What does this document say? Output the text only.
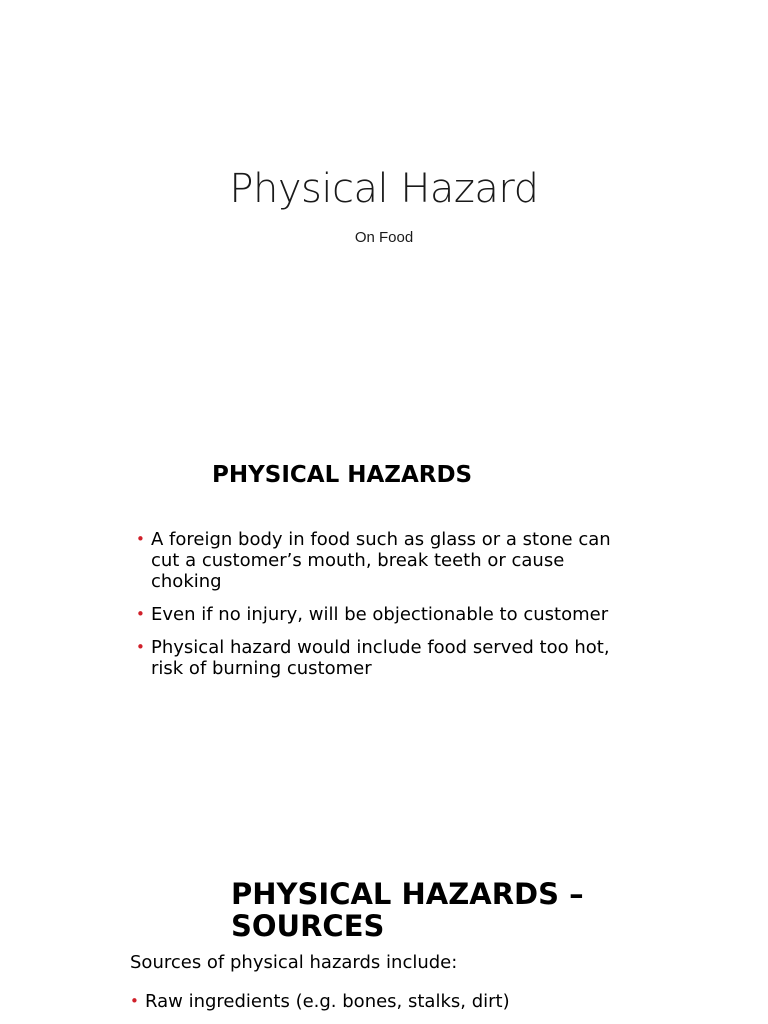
Physical Hazard
On Food
PHYSICAL HAZARDS
• A foreign body in food such as glass or a stone can cut a customer’s mouth, break teeth or cause choking
• Even if no injury, will be objectionable to customer
• Physical hazard would include food served too hot, risk of burning customer
PHYSICAL HAZARDS – SOURCES
Sources of physical hazards include:
• Raw ingredients (e.g. bones, stalks, dirt)
